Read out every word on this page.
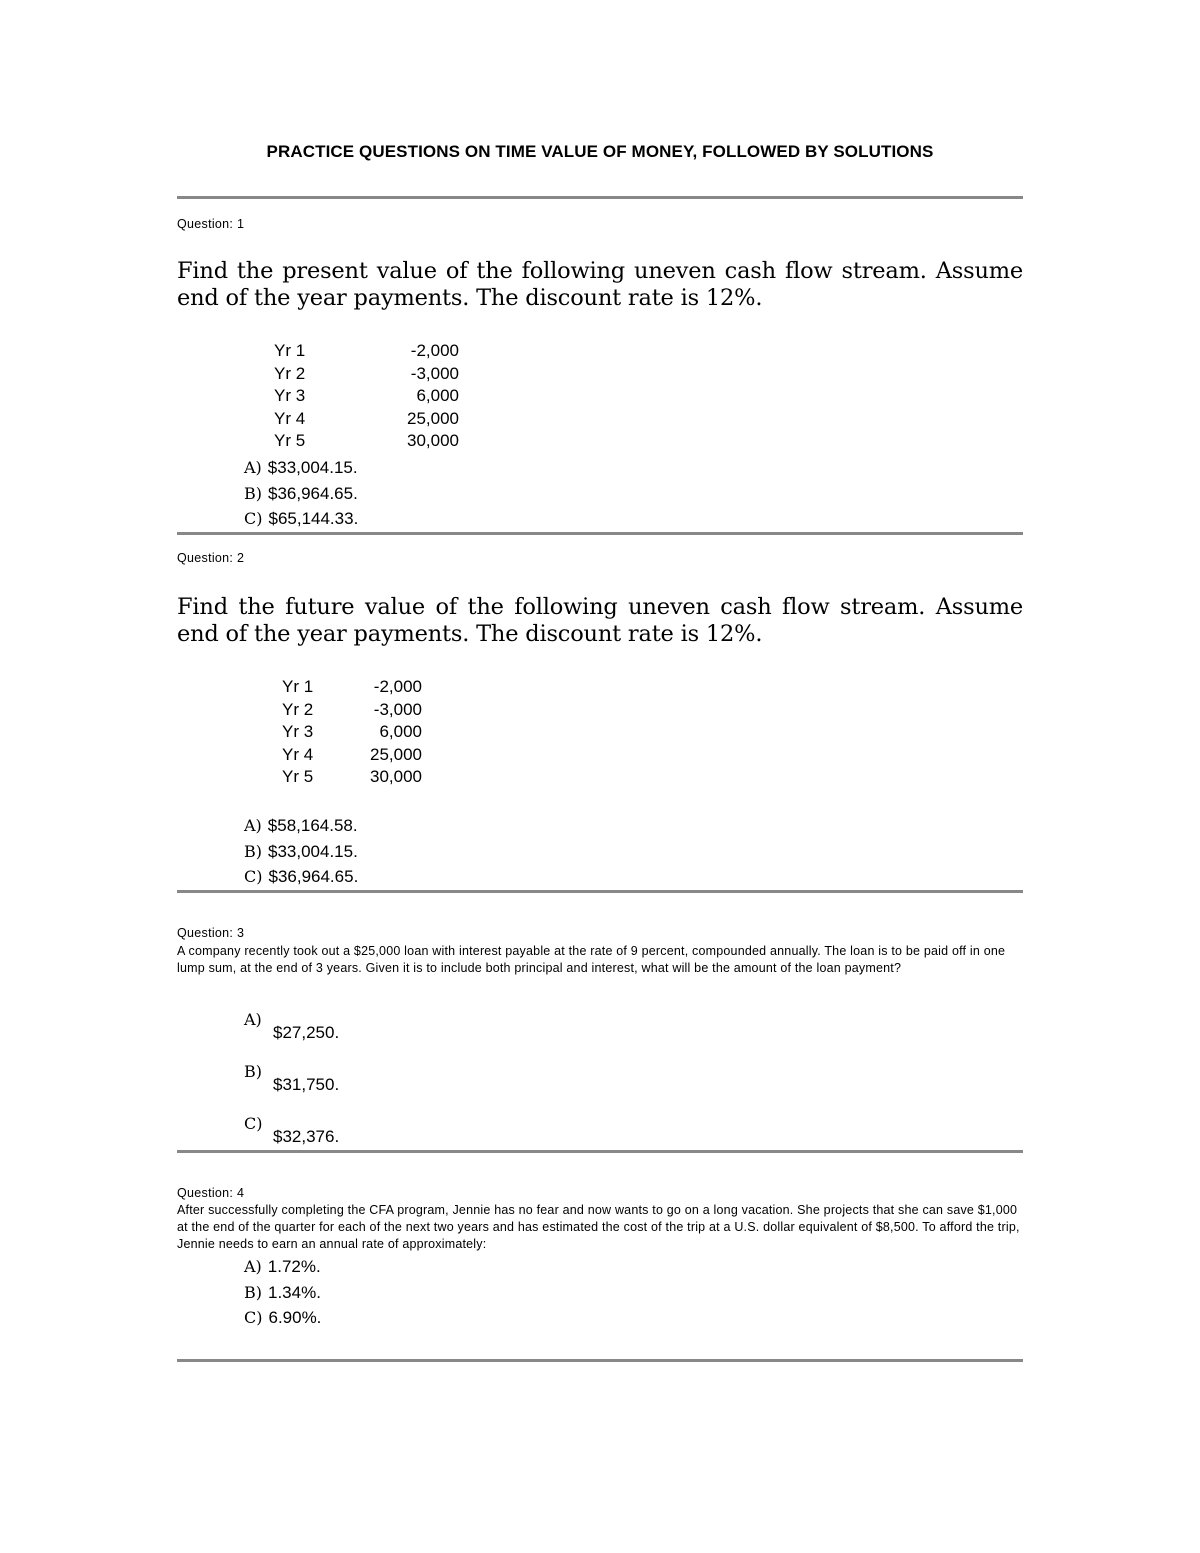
PRACTICE QUESTIONS ON TIME VALUE OF MONEY, FOLLOWED BY SOLUTIONS
Question: 1
Find the present value of the following uneven cash flow stream. Assume end of the year payments. The discount rate is 12%.
Yr 1	-2,000
Yr 2	-3,000
Yr 3	6,000
Yr 4	25,000
Yr 5	30,000
A) $33,004.15.
B) $36,964.65.
C) $65,144.33.
Question: 2
Find the future value of the following uneven cash flow stream. Assume end of the year payments. The discount rate is 12%.
Yr 1	-2,000
Yr 2	-3,000
Yr 3	6,000
Yr 4	25,000
Yr 5	30,000
A) $58,164.58.
B) $33,004.15.
C) $36,964.65.
Question: 3
A company recently took out a $25,000 loan with interest payable at the rate of 9 percent, compounded annually. The loan is to be paid off in one lump sum, at the end of 3 years. Given it is to include both principal and interest, what will be the amount of the loan payment?
A)
$27,250.
B)
$31,750.
C)
$32,376.
Question: 4
After successfully completing the CFA program, Jennie has no fear and now wants to go on a long vacation. She projects that she can save $1,000 at the end of the quarter for each of the next two years and has estimated the cost of the trip at a U.S. dollar equivalent of $8,500. To afford the trip, Jennie needs to earn an annual rate of approximately:
A) 1.72%.
B) 1.34%.
C) 6.90%.
